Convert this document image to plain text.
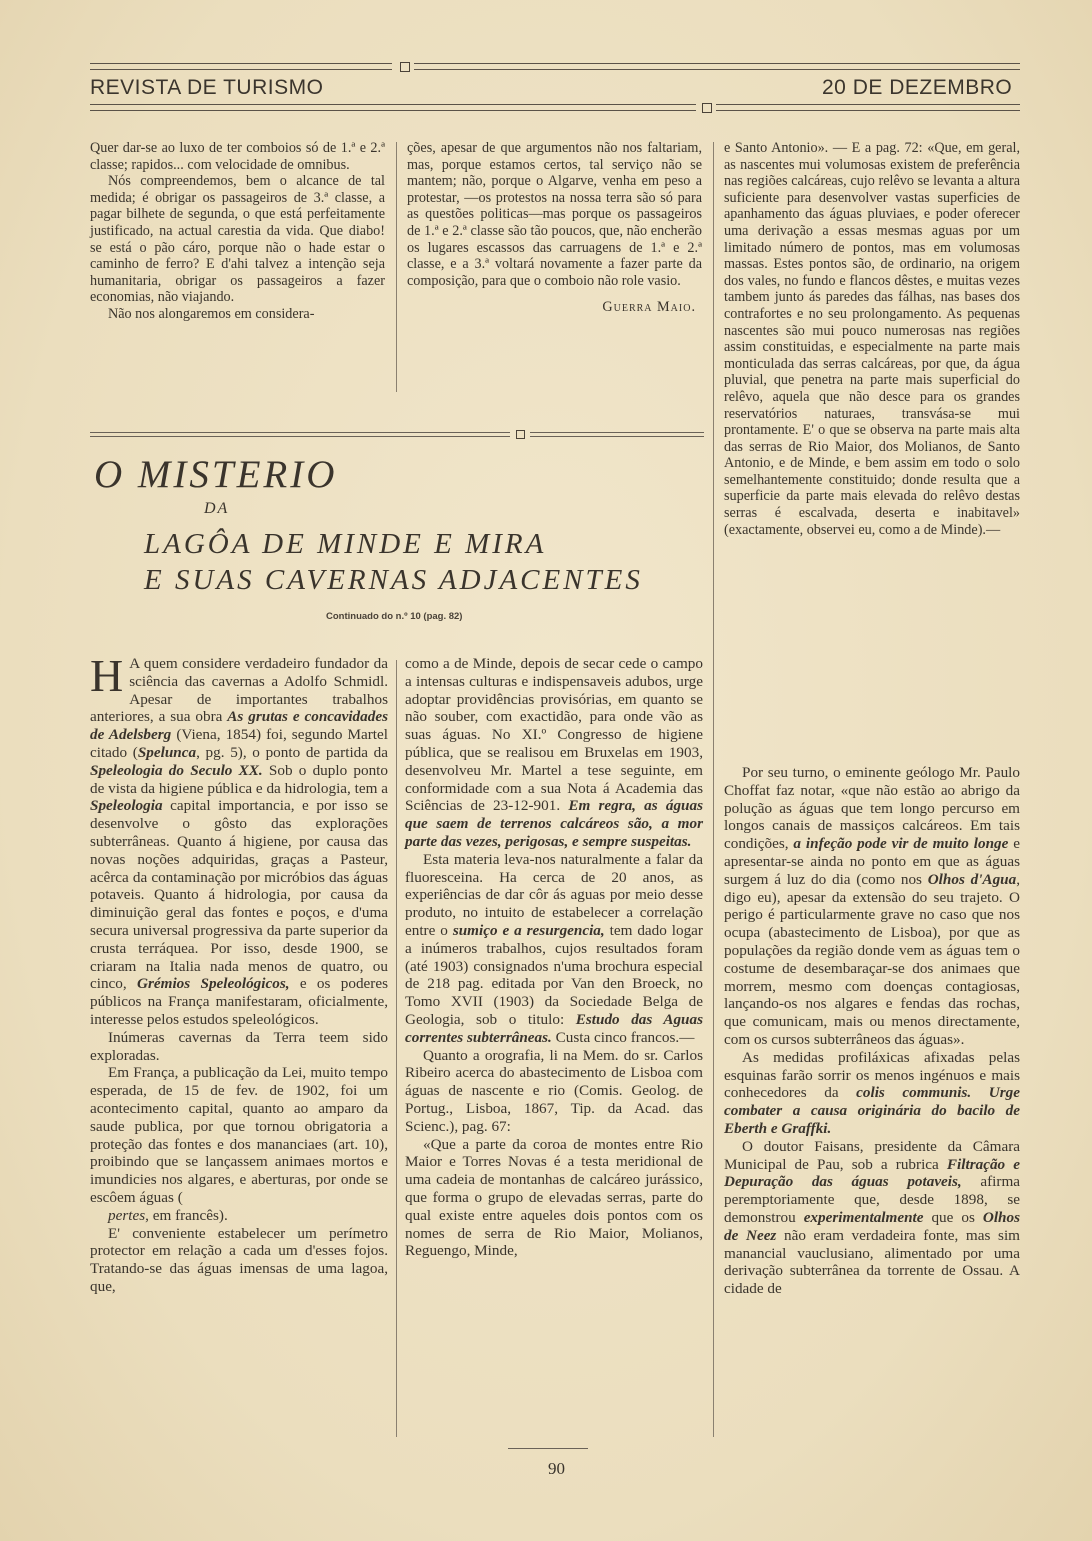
REVISTA DE TURISMO	20 DE DEZEMBRO

Quer dar-se ao luxo de ter comboios só de 1.ª e 2.ª classe; rapidos... com velocidade de omnibus.

Nós compreendemos, bem o alcance de tal medida; é obrigar os passageiros de 3.ª classe, a pagar bilhete de segunda, o que está perfeitamente justificado, na actual carestia da vida. Que diabo! se está o pão cáro, porque não o hade estar o caminho de ferro? E d'ahi talvez a intenção seja humanitaria, obrigar os passageiros a fazer economias, não viajando.

Não nos alongaremos em considera-

ções, apesar de que argumentos não nos faltariam, mas, porque estamos certos, tal serviço não se mantem; não, porque o Algarve, venha em peso a protestar, —os protestos na nossa terra são só para as questões politicas—mas porque os passageiros de 1.ª e 2.ª classe são tão poucos, que, não encherão os lugares escassos das carruagens de 1.ª e 2.ª classe, e a 3.ª voltará novamente a fazer parte da composição, para que o comboio não role vasio.

Guerra Maio.

O MISTERIO
DA
LAGÔA DE MINDE E MIRA
E SUAS CAVERNAS ADJACENTES
Continuado do n.º 10 (pag. 82)

H A quem considere verdadeiro fundador da sciência das cavernas a Adolfo Schmidl. Apesar de importantes trabalhos anteriores, a sua obra As grutas e concavidades de Adelsberg (Viena, 1854) foi, segundo Martel citado (Spelunca, pg. 5), o ponto de partida da Speleologia do Seculo XX. Sob o duplo ponto de vista da higiene pública e da hidrologia, tem a Speleologia capital importancia, e por isso se desenvolve o gôsto das explorações subterrâneas. Quanto á higiene, por causa das novas noções adquiridas, graças a Pasteur, acêrca da contaminação por micróbios das águas potaveis. Quanto á hidrologia, por causa da diminuição geral das fontes e poços, e d'uma secura universal progressiva da parte superior da crusta terráquea. Por isso, desde 1900, se criaram na Italia nada menos de quatro, ou cinco, Grémios Speleológicos, e os poderes públicos na França manifestaram, oficialmente, interesse pelos estudos speleológicos.

Inúmeras cavernas da Terra teem sido exploradas.

Em França, a publicação da Lei, muito tempo esperada, de 15 de fev. de 1902, foi um acontecimento capital, quanto ao amparo da saude publica, por que tornou obrigatoria a proteção das fontes e dos mananciaes (art. 10), proibindo que se lançassem animaes mortos e imundicies nos algares, e aberturas, por onde se escôem águas (

pertes, em francês).

E' conveniente estabelecer um perímetro protector em relação a cada um d'esses fojos. Tratando-se das águas imensas de uma lagoa, que,

como a de Minde, depois de secar cede o campo a intensas culturas e indispensaveis adubos, urge adoptar providências provisórias, em quanto se não souber, com exactidão, para onde vão as suas águas. No XI.º Congresso de higiene pública, que se realisou em Bruxelas em 1903, desenvolveu Mr. Martel a tese seguinte, em conformidade com a sua Nota á Academia das Sciências de 23-12-901. Em regra, as águas que saem de terrenos calcáreos são, a mor parte das vezes, perigosas, e sempre suspeitas.

Esta materia leva-nos naturalmente a falar da fluoresceina. Ha cerca de 20 anos, as experiências de dar côr ás aguas por meio desse produto, no intuito de estabelecer a correlação entre o sumiço e a resurgencia, tem dado logar a inúmeros trabalhos, cujos resultados foram (até 1903) consignados n'uma brochura especial de 218 pag. editada por Van den Broeck, no Tomo XVII (1903) da Sociedade Belga de Geologia, sob o titulo: Estudo das Aguas correntes subterrâneas. Custa cinco francos.—

Quanto a orografia, li na Mem. do sr. Carlos Ribeiro acerca do abastecimento de Lisboa com águas de nascente e rio (Comis. Geolog. de Portug., Lisboa, 1867, Tip. da Acad. das Scienc.), pag. 67:

«Que a parte da coroa de montes entre Rio Maior e Torres Novas é a testa meridional de uma cadeia de montanhas de calcáreo jurássico, que forma o grupo de elevadas serras, parte do qual existe entre aqueles dois pontos com os nomes de serra de Rio Maior, Molianos, Reguengo, Minde,

e Santo Antonio». — E a pag. 72: «Que, em geral, as nascentes mui volumosas existem de preferência nas regiões calcáreas, cujo relêvo se levanta a altura suficiente para desenvolver vastas superficies de apanhamento das águas pluviaes, e poder oferecer uma derivação a essas mesmas aguas por um limitado número de pontos, mas em volumosas massas. Estes pontos são, de ordinario, na origem dos vales, no fundo e flancos dêstes, e muitas vezes tambem junto ás paredes das fálhas, nas bases dos contrafortes e no seu prolongamento. As pequenas nascentes são mui pouco numerosas nas regiões assim constituidas, e especialmente na parte mais monticulada das serras calcáreas, por que, da água pluvial, que penetra na parte mais superficial do relêvo, aquela que não desce para os grandes reservatórios naturaes, transvása-se mui prontamente. E' o que se observa na parte mais alta das serras de Rio Maior, dos Molianos, de Santo Antonio, e de Minde, e bem assim em todo o solo semelhantemente constituido; donde resulta que a superficie da parte mais elevada do relêvo destas serras é escalvada, deserta e inabitavel» (exactamente, observei eu, como a de Minde).—

Por seu turno, o eminente geólogo Mr. Paulo Choffat faz notar, «que não estão ao abrigo da polução as águas que tem longo percurso em longos canais de massiços calcáreos. Em tais condições, a infeção pode vir de muito longe e apresentar-se ainda no ponto em que as águas surgem á luz do dia (como nos Olhos d'Agua, digo eu), apesar da extensão do seu trajeto. O perigo é particularmente grave no caso que nos ocupa (abastecimento de Lisboa), por que as populações da região donde vem as águas tem o costume de desembaraçar-se dos animaes que morrem, mesmo com doenças contagiosas, lançando-os nos algares e fendas das rochas, que comunicam, mais ou menos directamente, com os cursos subterrâneos das águas».

As medidas profiláxicas afixadas pelas esquinas farão sorrir os menos ingénuos e mais conhecedores da colis communis. Urge combater a causa originária do bacilo de Eberth e Graffki.

O doutor Faisans, presidente da Câmara Municipal de Pau, sob a rubrica Filtração e Depuração das águas potaveis, afirma peremptoriamente que, desde 1898, se demonstrou experimentalmente que os Olhos de Neez não eram verdadeira fonte, mas sim manancial vauclusiano, alimentado por uma derivação subterrânea da torrente de Ossau. A cidade de

90
